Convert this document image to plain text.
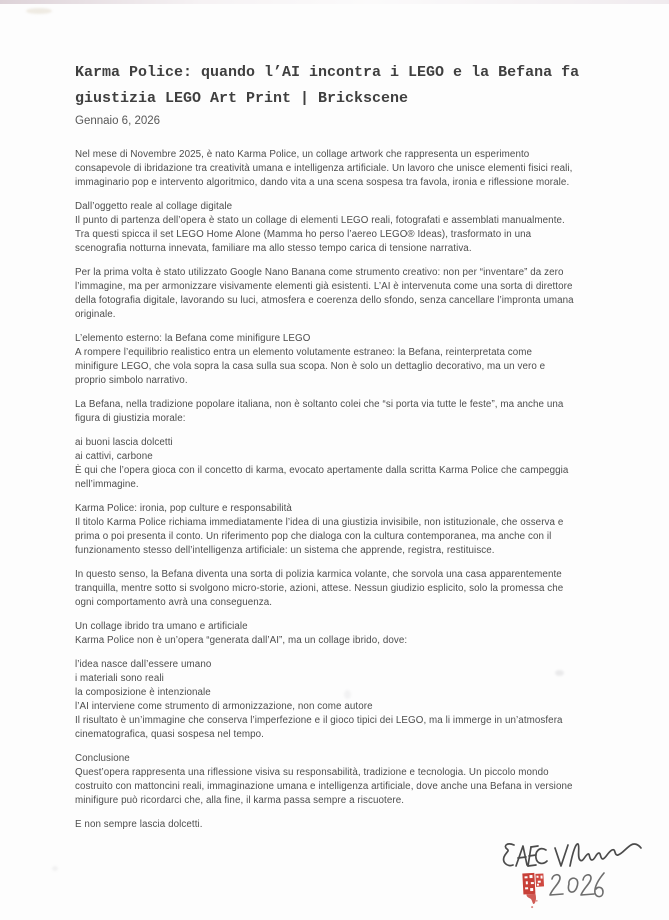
Karma Police: quando l’AI incontra i LEGO e la Befana fa
giustizia LEGO Art Print | Brickscene
Gennaio 6, 2026
Nel mese di Novembre 2025, è nato Karma Police, un collage artwork che rappresenta un esperimento
consapevole di ibridazione tra creatività umana e intelligenza artificiale. Un lavoro che unisce elementi fisici reali,
immaginario pop e intervento algoritmico, dando vita a una scena sospesa tra favola, ironia e riflessione morale.
Dall’oggetto reale al collage digitale
Il punto di partenza dell’opera è stato un collage di elementi LEGO reali, fotografati e assemblati manualmente.
Tra questi spicca il set LEGO Home Alone (Mamma ho perso l’aereo LEGO® Ideas), trasformato in una
scenografia notturna innevata, familiare ma allo stesso tempo carica di tensione narrativa.
Per la prima volta è stato utilizzato Google Nano Banana come strumento creativo: non per “inventare” da zero
l’immagine, ma per armonizzare visivamente elementi già esistenti. L’AI è intervenuta come una sorta di direttore
della fotografia digitale, lavorando su luci, atmosfera e coerenza dello sfondo, senza cancellare l’impronta umana
originale.
L’elemento esterno: la Befana come minifigure LEGO
A rompere l’equilibrio realistico entra un elemento volutamente estraneo: la Befana, reinterpretata come
minifigure LEGO, che vola sopra la casa sulla sua scopa. Non è solo un dettaglio decorativo, ma un vero e
proprio simbolo narrativo.
La Befana, nella tradizione popolare italiana, non è soltanto colei che “si porta via tutte le feste”, ma anche una
figura di giustizia morale:
ai buoni lascia dolcetti
ai cattivi, carbone
È qui che l’opera gioca con il concetto di karma, evocato apertamente dalla scritta Karma Police che campeggia
nell’immagine.
Karma Police: ironia, pop culture e responsabilità
Il titolo Karma Police richiama immediatamente l’idea di una giustizia invisibile, non istituzionale, che osserva e
prima o poi presenta il conto. Un riferimento pop che dialoga con la cultura contemporanea, ma anche con il
funzionamento stesso dell’intelligenza artificiale: un sistema che apprende, registra, restituisce.
In questo senso, la Befana diventa una sorta di polizia karmica volante, che sorvola una casa apparentemente
tranquilla, mentre sotto si svolgono micro-storie, azioni, attese. Nessun giudizio esplicito, solo la promessa che
ogni comportamento avrà una conseguenza.
Un collage ibrido tra umano e artificiale
Karma Police non è un’opera “generata dall’AI”, ma un collage ibrido, dove:
l’idea nasce dall’essere umano
i materiali sono reali
la composizione è intenzionale
l’AI interviene come strumento di armonizzazione, non come autore
Il risultato è un’immagine che conserva l’imperfezione e il gioco tipici dei LEGO, ma li immerge in un’atmosfera
cinematografica, quasi sospesa nel tempo.
Conclusione
Quest’opera rappresenta una riflessione visiva su responsabilità, tradizione e tecnologia. Un piccolo mondo
costruito con mattoncini reali, immaginazione umana e intelligenza artificiale, dove anche una Befana in versione
minifigure può ricordarci che, alla fine, il karma passa sempre a riscuotere.
E non sempre lascia dolcetti.
